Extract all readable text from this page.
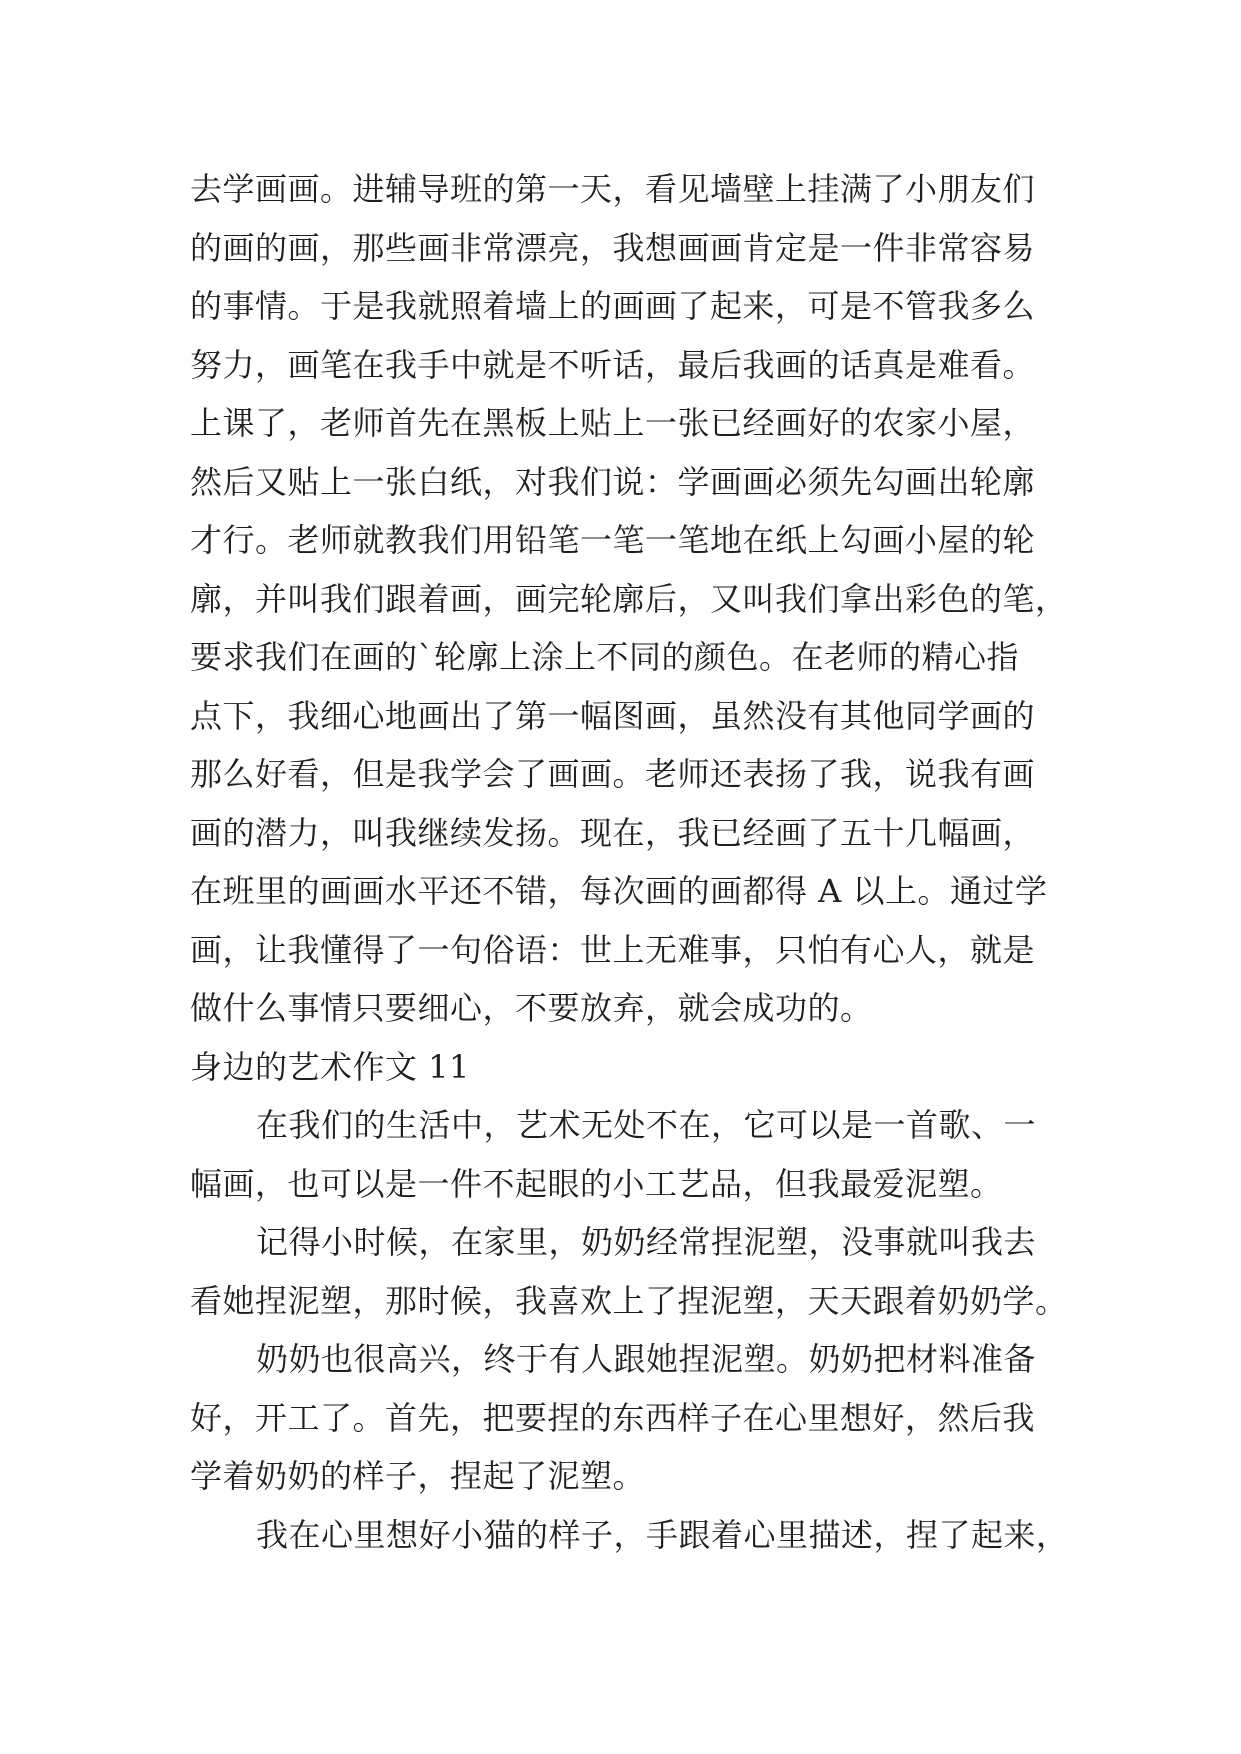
去学画画。进辅导班的第一天，看见墙壁上挂满了小朋友们
的画的画，那些画非常漂亮，我想画画肯定是一件非常容易
的事情。于是我就照着墙上的画画了起来，可是不管我多么
努力，画笔在我手中就是不听话，最后我画的话真是难看。
上课了，老师首先在黑板上贴上一张已经画好的农家小屋，
然后又贴上一张白纸，对我们说：学画画必须先勾画出轮廓
才行。老师就教我们用铅笔一笔一笔地在纸上勾画小屋的轮
廓，并叫我们跟着画，画完轮廓后，又叫我们拿出彩色的笔，
要求我们在画的`轮廓上涂上不同的颜色。在老师的精心指
点下，我细心地画出了第一幅图画，虽然没有其他同学画的
那么好看，但是我学会了画画。老师还表扬了我，说我有画
画的潜力，叫我继续发扬。现在，我已经画了五十几幅画，
在班里的画画水平还不错，每次画的画都得 A 以上。通过学
画，让我懂得了一句俗语：世上无难事，只怕有心人，就是
做什么事情只要细心，不要放弃，就会成功的。
身边的艺术作文 11
在我们的生活中，艺术无处不在，它可以是一首歌、一
幅画，也可以是一件不起眼的小工艺品，但我最爱泥塑。
记得小时候，在家里，奶奶经常捏泥塑，没事就叫我去
看她捏泥塑，那时候，我喜欢上了捏泥塑，天天跟着奶奶学。
奶奶也很高兴，终于有人跟她捏泥塑。奶奶把材料准备
好，开工了。首先，把要捏的东西样子在心里想好，然后我
学着奶奶的样子，捏起了泥塑。
我在心里想好小猫的样子，手跟着心里描述，捏了起来，
